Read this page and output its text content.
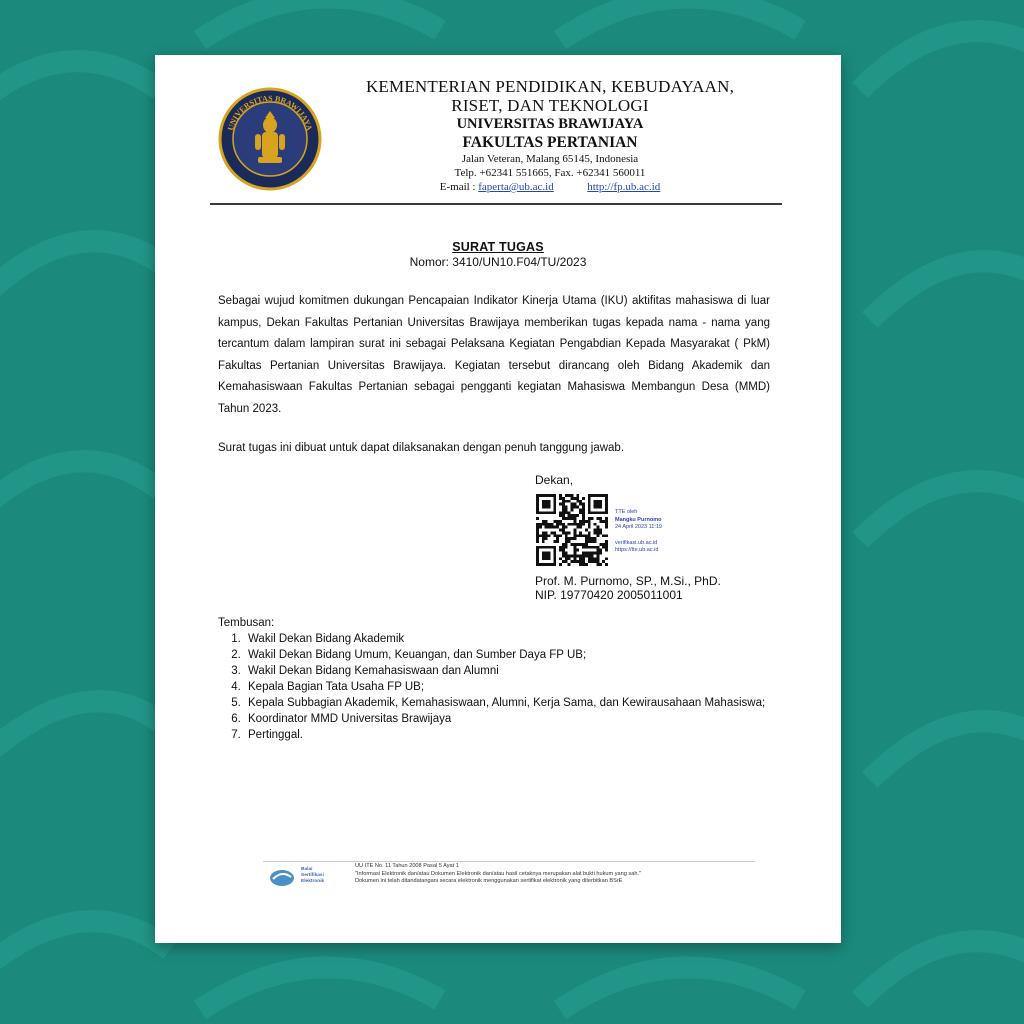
UNIVERSITAS BRAWIJAYA
KEMENTERIAN PENDIDIKAN, KEBUDAYAAN,
RISET, DAN TEKNOLOGI
UNIVERSITAS BRAWIJAYA
FAKULTAS PERTANIAN
Jalan Veteran, Malang 65145, Indonesia
Telp. +62341 551665, Fax. +62341 560011
E-mail : faperta@ub.ac.id	http://fp.ub.ac.id
SURAT TUGAS
Nomor: 3410/UN10.F04/TU/2023

Sebagai wujud komitmen dukungan Pencapaian Indikator Kinerja Utama (IKU) aktifitas mahasiswa di luar kampus, Dekan Fakultas Pertanian Universitas Brawijaya memberikan tugas kepada nama - nama yang tercantum dalam lampiran surat ini sebagai Pelaksana Kegiatan Pengabdian Kepada Masyarakat ( PkM) Fakultas Pertanian Universitas Brawijaya. Kegiatan tersebut dirancang oleh Bidang Akademik dan Kemahasiswaan Fakultas Pertanian sebagai pengganti kegiatan Mahasiswa Membangun Desa (MMD) Tahun 2023.

Surat tugas ini dibuat untuk dapat dilaksanakan dengan penuh tanggung jawab.

Dekan,
TTE oleh
Mangku Purnomo
24 April 2023 11:19
verifikasi.ub.ac.id
https://tte.ub.ac.id
Prof. M. Purnomo, SP., M.Si., PhD.
NIP. 19770420 2005011001
Tembusan:
1. Wakil Dekan Bidang Akademik
2. Wakil Dekan Bidang Umum, Keuangan, dan Sumber Daya FP UB;
3. Wakil Dekan Bidang Kemahasiswaan dan Alumni
4. Kepala Bagian Tata Usaha FP UB;
5. Kepala Subbagian Akademik, Kemahasiswaan, Alumni, Kerja Sama, dan Kewirausahaan Mahasiswa;
6. Koordinator MMD Universitas Brawijaya
7. Pertinggal.
Balai
Sertifikasi
Elektronik
UU ITE No. 11 Tahun 2008 Pasal 5 Ayat 1
"Informasi Elektronik dan/atau Dokumen Elektronik dan/atau hasil cetaknya merupakan alat bukti hukum yang sah."
Dokumen ini telah ditandatangani secara elektronik menggunakan sertifikat elektronik yang diterbitkan BSrE
